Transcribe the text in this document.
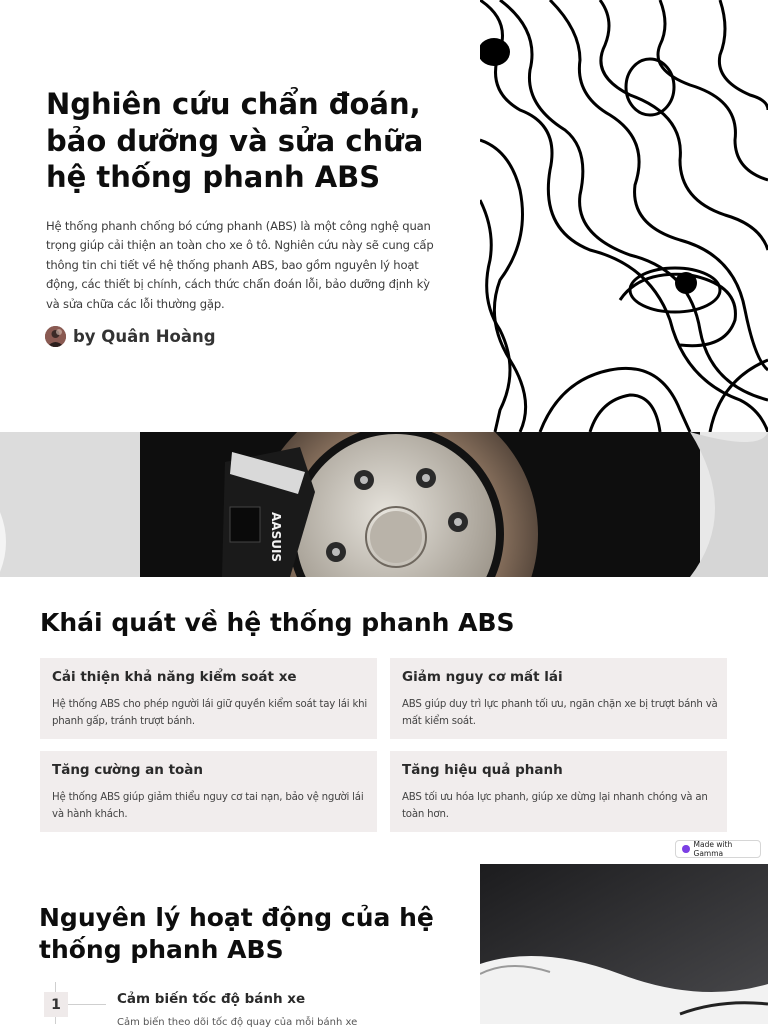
Nghiên cứu chẩn đoán, bảo dưỡng và sửa chữa hệ thống phanh ABS

Hệ thống phanh chống bó cứng phanh (ABS) là một công nghệ quan trọng giúp cải thiện an toàn cho xe ô tô. Nghiên cứu này sẽ cung cấp thông tin chi tiết về hệ thống phanh ABS, bao gồm nguyên lý hoạt động, các thiết bị chính, cách thức chẩn đoán lỗi, bảo dưỡng định kỳ và sửa chữa các lỗi thường gặp.

by Quân Hoàng
AASUIS
Khái quát về hệ thống phanh ABS
Cải thiện khả năng kiểm soát xe
Hệ thống ABS cho phép người lái giữ quyền kiểm soát tay lái khi phanh gấp, tránh trượt bánh.
Giảm nguy cơ mất lái
ABS giúp duy trì lực phanh tối ưu, ngăn chặn xe bị trượt bánh và mất kiểm soát.
Tăng cường an toàn
Hệ thống ABS giúp giảm thiểu nguy cơ tai nạn, bảo vệ người lái và hành khách.
Tăng hiệu quả phanh
ABS tối ưu hóa lực phanh, giúp xe dừng lại nhanh chóng và an toàn hơn.
Made with Gamma
Nguyên lý hoạt động của hệ thống phanh ABS
1	Cảm biến tốc độ bánh xe
Cảm biến theo dõi tốc độ quay của mỗi bánh xe
